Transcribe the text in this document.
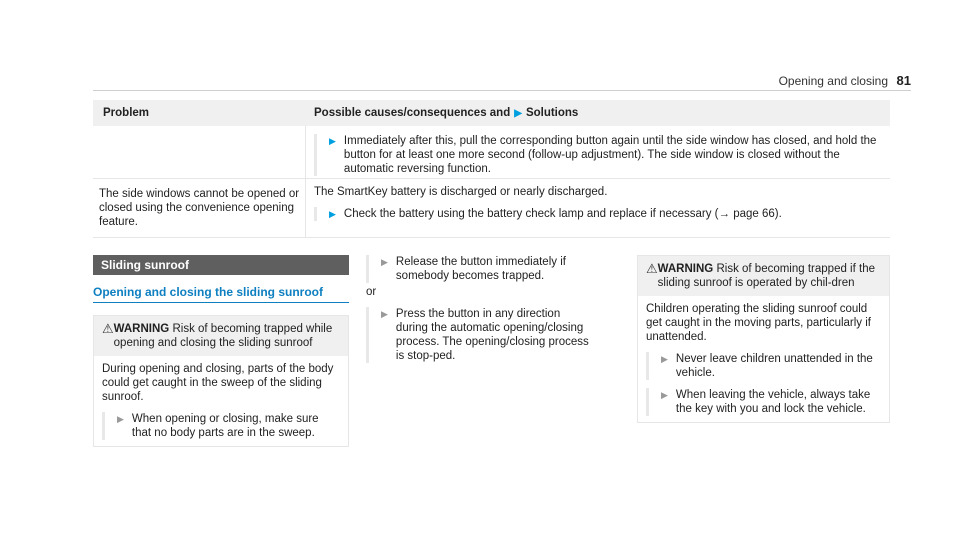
Opening and closing 81
Problem	Possible causes/consequences and ▶ Solutions
▶ Immediately after this, pull the corresponding button again until the side window has closed, and hold the button for at least one more second (follow-up adjustment). The side window is closed without the automatic reversing function.
The side windows cannot be opened or closed using the convenience opening feature.
The SmartKey battery is discharged or nearly discharged.
▶ Check the battery using the battery check lamp and replace if necessary (→ page 66).
Sliding sunroof
Opening and closing the sliding sunroof
⚠ WARNING Risk of becoming trapped while opening and closing the sliding sunroof
During opening and closing, parts of the body could get caught in the sweep of the sliding sunroof.
▶ When opening or closing, make sure that no body parts are in the sweep.
▶ Release the button immediately if somebody becomes trapped.
or
▶ Press the button in any direction during the automatic opening/closing process. The opening/closing process is stop-ped.
⚠ WARNING Risk of becoming trapped if the sliding sunroof is operated by chil-dren
Children operating the sliding sunroof could get caught in the moving parts, particularly if unattended.
▶ Never leave children unattended in the vehicle.
▶ When leaving the vehicle, always take the key with you and lock the vehicle.
